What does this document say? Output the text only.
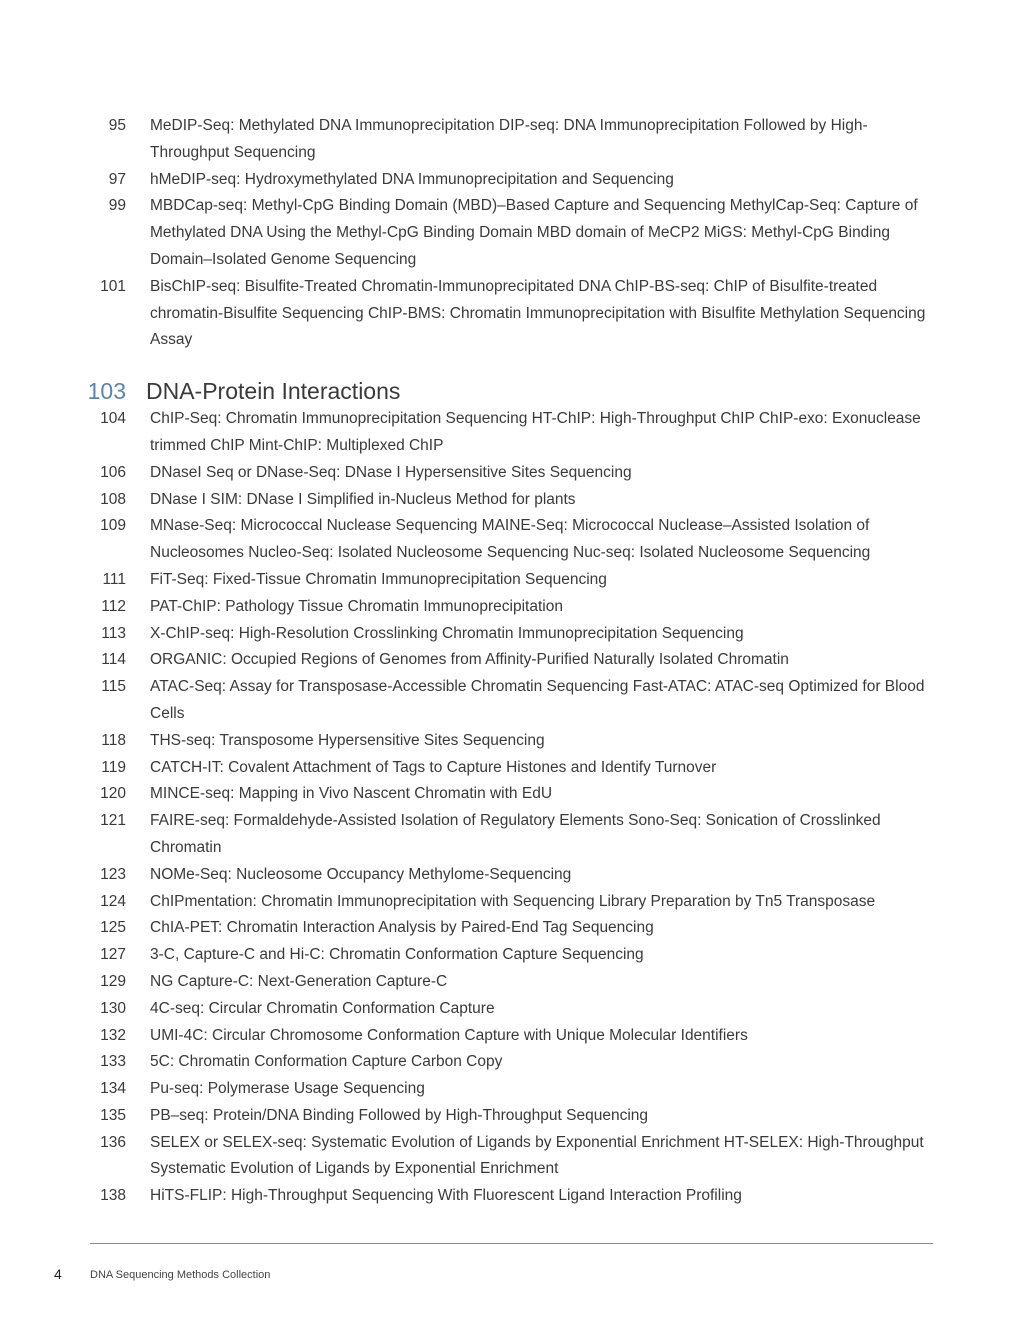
95 MeDIP-Seq: Methylated DNA Immunoprecipitation DIP-seq: DNA Immunoprecipitation Followed by High-Throughput Sequencing
97 hMeDIP-seq: Hydroxymethylated DNA Immunoprecipitation and Sequencing
99 MBDCap-seq: Methyl-CpG Binding Domain (MBD)–Based Capture and Sequencing MethylCap-Seq: Capture of Methylated DNA Using the Methyl-CpG Binding Domain MBD domain of MeCP2 MiGS: Methyl-CpG Binding Domain–Isolated Genome Sequencing
101 BisChIP-seq: Bisulfite-Treated Chromatin-Immunoprecipitated DNA ChIP-BS-seq: ChIP of Bisulfite-treated chromatin-Bisulfite Sequencing ChIP-BMS: Chromatin Immunoprecipitation with Bisulfite Methylation Sequencing Assay
103 DNA-Protein Interactions
104 ChIP-Seq: Chromatin Immunoprecipitation Sequencing HT-ChIP: High-Throughput ChIP ChIP-exo: Exonuclease trimmed ChIP Mint-ChIP: Multiplexed ChIP
106 DNaseI Seq or DNase-Seq: DNase I Hypersensitive Sites Sequencing
108 DNase I SIM: DNase I Simplified in-Nucleus Method for plants
109 MNase-Seq: Micrococcal Nuclease Sequencing MAINE-Seq: Micrococcal Nuclease–Assisted Isolation of Nucleosomes Nucleo-Seq: Isolated Nucleosome Sequencing Nuc-seq: Isolated Nucleosome Sequencing
111 FiT-Seq: Fixed-Tissue Chromatin Immunoprecipitation Sequencing
112 PAT-ChIP: Pathology Tissue Chromatin Immunoprecipitation
113 X-ChIP-seq: High-Resolution Crosslinking Chromatin Immunoprecipitation Sequencing
114 ORGANIC: Occupied Regions of Genomes from Affinity-Purified Naturally Isolated Chromatin
115 ATAC-Seq: Assay for Transposase-Accessible Chromatin Sequencing Fast-ATAC: ATAC-seq Optimized for Blood Cells
118 THS-seq: Transposome Hypersensitive Sites Sequencing
119 CATCH-IT: Covalent Attachment of Tags to Capture Histones and Identify Turnover
120 MINCE-seq: Mapping in Vivo Nascent Chromatin with EdU
121 FAIRE-seq: Formaldehyde-Assisted Isolation of Regulatory Elements Sono-Seq: Sonication of Crosslinked Chromatin
123 NOMe-Seq: Nucleosome Occupancy Methylome-Sequencing
124 ChIPmentation: Chromatin Immunoprecipitation with Sequencing Library Preparation by Tn5 Transposase
125 ChIA-PET: Chromatin Interaction Analysis by Paired-End Tag Sequencing
127 3-C, Capture-C and Hi-C: Chromatin Conformation Capture Sequencing
129 NG Capture-C: Next-Generation Capture-C
130 4C-seq: Circular Chromatin Conformation Capture
132 UMI-4C: Circular Chromosome Conformation Capture with Unique Molecular Identifiers
133 5C: Chromatin Conformation Capture Carbon Copy
134 Pu-seq: Polymerase Usage Sequencing
135 PB–seq: Protein/DNA Binding Followed by High-Throughput Sequencing
136 SELEX or SELEX-seq: Systematic Evolution of Ligands by Exponential Enrichment HT-SELEX: High-Throughput Systematic Evolution of Ligands by Exponential Enrichment
138 HiTS-FLIP: High-Throughput Sequencing With Fluorescent Ligand Interaction Profiling
4	DNA Sequencing Methods Collection
